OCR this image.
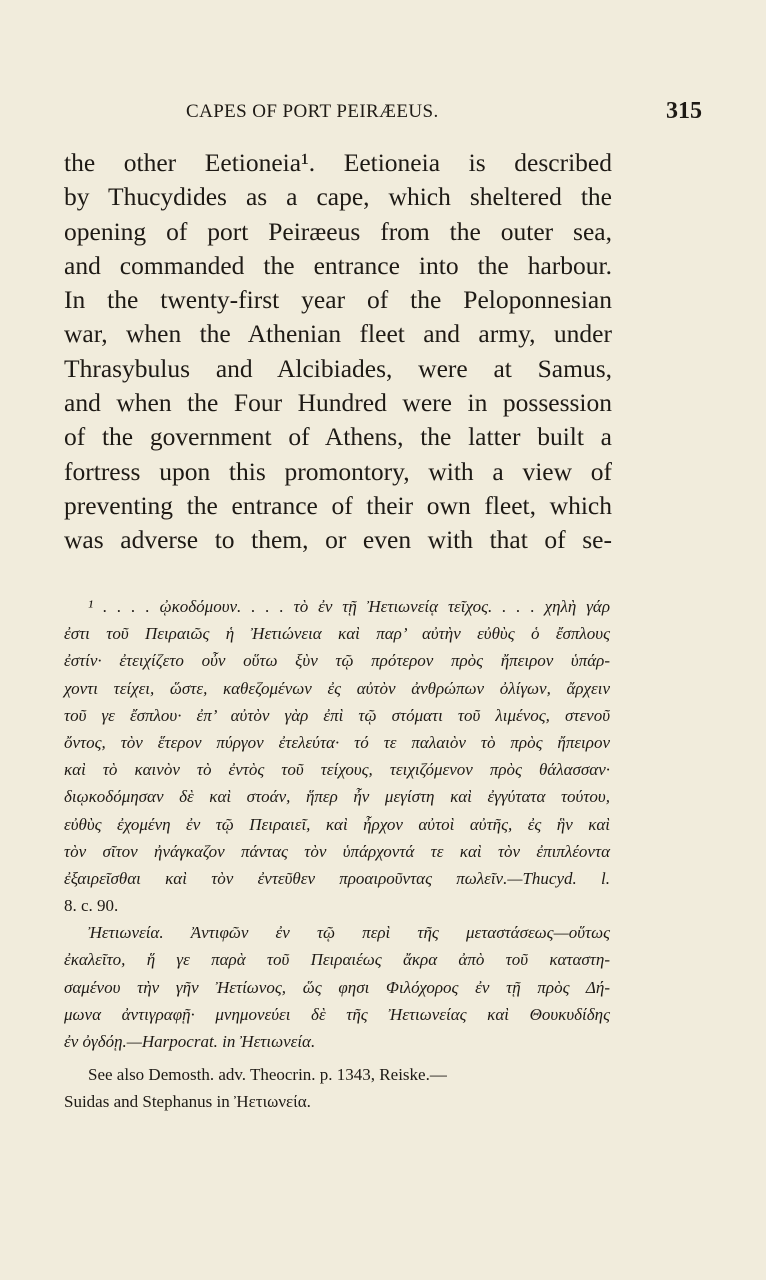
CAPES OF PORT PEIRÆEUS.	315
the other Eetioneia¹. Eetioneia is described
by Thucydides as a cape, which sheltered the
opening of port Peiræeus from the outer sea,
and commanded the entrance into the harbour.
In the twenty-first year of the Peloponnesian
war, when the Athenian fleet and army, under
Thrasybulus and Alcibiades, were at Samus,
and when the Four Hundred were in possession
of the government of Athens, the latter built a
fortress upon this promontory, with a view of
preventing the entrance of their own fleet, which
was adverse to them, or even with that of se-
¹ . . . . ᾠκοδόμουν. . . . τὸ ἐν τῇ Ἠετιωνείᾳ τεῖχος. . . . χηλὴ γάρ
ἐστι τοῦ Πειραιῶς ἡ Ἠετιώνεια καὶ παρ’ αὐτὴν εὐθὺς ὁ ἔσπλους
ἐστίν· ἐτειχίζετο οὖν οὕτω ξὺν τῷ πρότερον πρὸς ἤπειρον ὑπάρ-
χοντι τείχει, ὥστε, καθεζομένων ἐς αὐτὸν ἀνθρώπων ὀλίγων, ἄρχειν
τοῦ γε ἔσπλου· ἐπ’ αὐτὸν γὰρ ἐπὶ τῷ στόματι τοῦ λιμένος, στενοῦ
ὄντος, τὸν ἕτερον πύργον ἐτελεύτα· τό τε παλαιὸν τὸ πρὸς ἤπειρον
καὶ τὸ καινὸν τὸ ἐντὸς τοῦ τείχους, τειχιζόμενον πρὸς θάλασσαν·
διῳκοδόμησαν δὲ καὶ στοάν, ἥπερ ἦν μεγίστη καὶ ἐγγύτατα τούτου,
εὐθὺς ἐχομένη ἐν τῷ Πειραιεῖ, καὶ ἦρχον αὐτοὶ αὐτῆς, ἐς ἣν καὶ
τὸν σῖτον ἠνάγκαζον πάντας τὸν ὑπάρχοντά τε καὶ τὸν ἐπιπλέοντα
ἐξαιρεῖσθαι καὶ τὸν ἐντεῦθεν προαιροῦντας πωλεῖν.—Thucyd. l.
8. c. 90.
Ἠετιωνεία. Ἀντιφῶν ἐν τῷ περὶ τῆς μεταστάσεως—οὕτως
ἐκαλεῖτο, ἥ γε παρὰ τοῦ Πειραιέως ἄκρα ἀπὸ τοῦ καταστη-
σαμένου τὴν γῆν Ἠετίωνος, ὥς φησι Φιλόχορος ἐν τῇ πρὸς Δή-
μωνα ἀντιγραφῇ· μνημονεύει δὲ τῆς Ἠετιωνείας καὶ Θουκυδίδης
ἐν ὀγδόῃ.—Harpocrat. in Ἠετιωνεία.
See also Demosth. adv. Theocrin. p. 1343, Reiske.—
Suidas and Stephanus in Ἠετιωνεία.
